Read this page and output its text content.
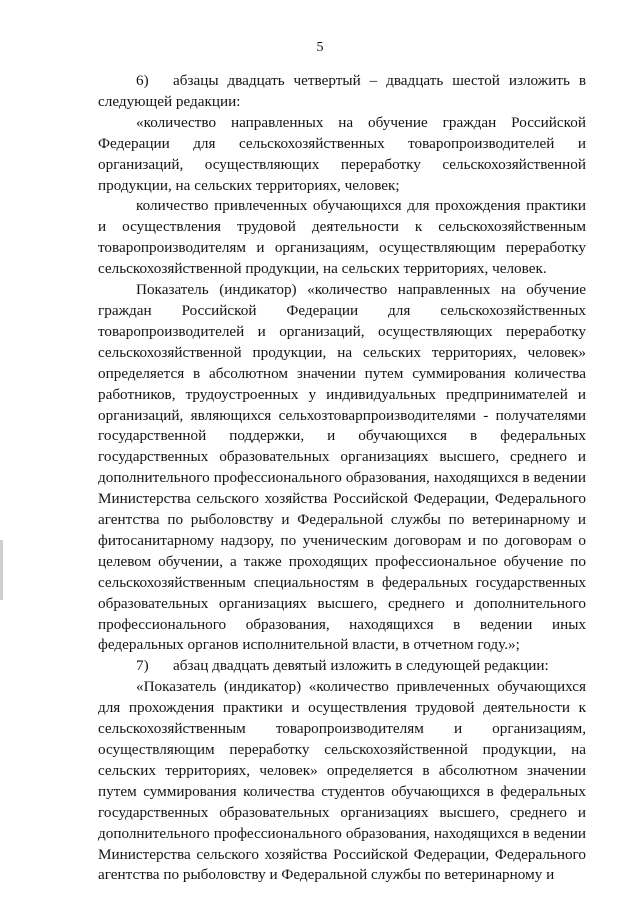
5

6) абзацы двадцать четвертый – двадцать шестой изложить в следующей редакции:

«количество направленных на обучение граждан Российской Федерации для сельскохозяйственных товаропроизводителей и организаций, осуществляющих переработку сельскохозяйственной продукции, на сельских территориях, человек;

количество привлеченных обучающихся для прохождения практики и осуществления трудовой деятельности к сельскохозяйственным товаропроизводителям и организациям, осуществляющим переработку сельскохозяйственной продукции, на сельских территориях, человек.

Показатель (индикатор) «количество направленных на обучение граждан Российской Федерации для сельскохозяйственных товаропроизводителей и организаций, осуществляющих переработку сельскохозяйственной продукции, на сельских территориях, человек» определяется в абсолютном значении путем суммирования количества работников, трудоустроенных у индивидуальных предпринимателей и организаций, являющихся сельхозтоварпроизводителями - получателями государственной поддержки, и обучающихся в федеральных государственных образовательных организациях высшего, среднего и дополнительного профессионального образования, находящихся в ведении Министерства сельского хозяйства Российской Федерации, Федерального агентства по рыболовству и Федеральной службы по ветеринарному и фитосанитарному надзору, по ученическим договорам и по договорам о целевом обучении, а также проходящих профессиональное обучение по сельскохозяйственным специальностям в федеральных государственных образовательных организациях высшего, среднего и дополнительного профессионального образования, находящихся в ведении иных федеральных органов исполнительной власти, в отчетном году.»;

7) абзац двадцать девятый изложить в следующей редакции:

«Показатель (индикатор) «количество привлеченных обучающихся для прохождения практики и осуществления трудовой деятельности к сельскохозяйственным товаропроизводителям и организациям, осуществляющим переработку сельскохозяйственной продукции, на сельских территориях, человек» определяется в абсолютном значении путем суммирования количества студентов обучающихся в федеральных государственных образовательных организациях высшего, среднего и дополнительного профессионального образования, находящихся в ведении Министерства сельского хозяйства Российской Федерации, Федерального агентства по рыболовству и Федеральной службы по ветеринарному и
